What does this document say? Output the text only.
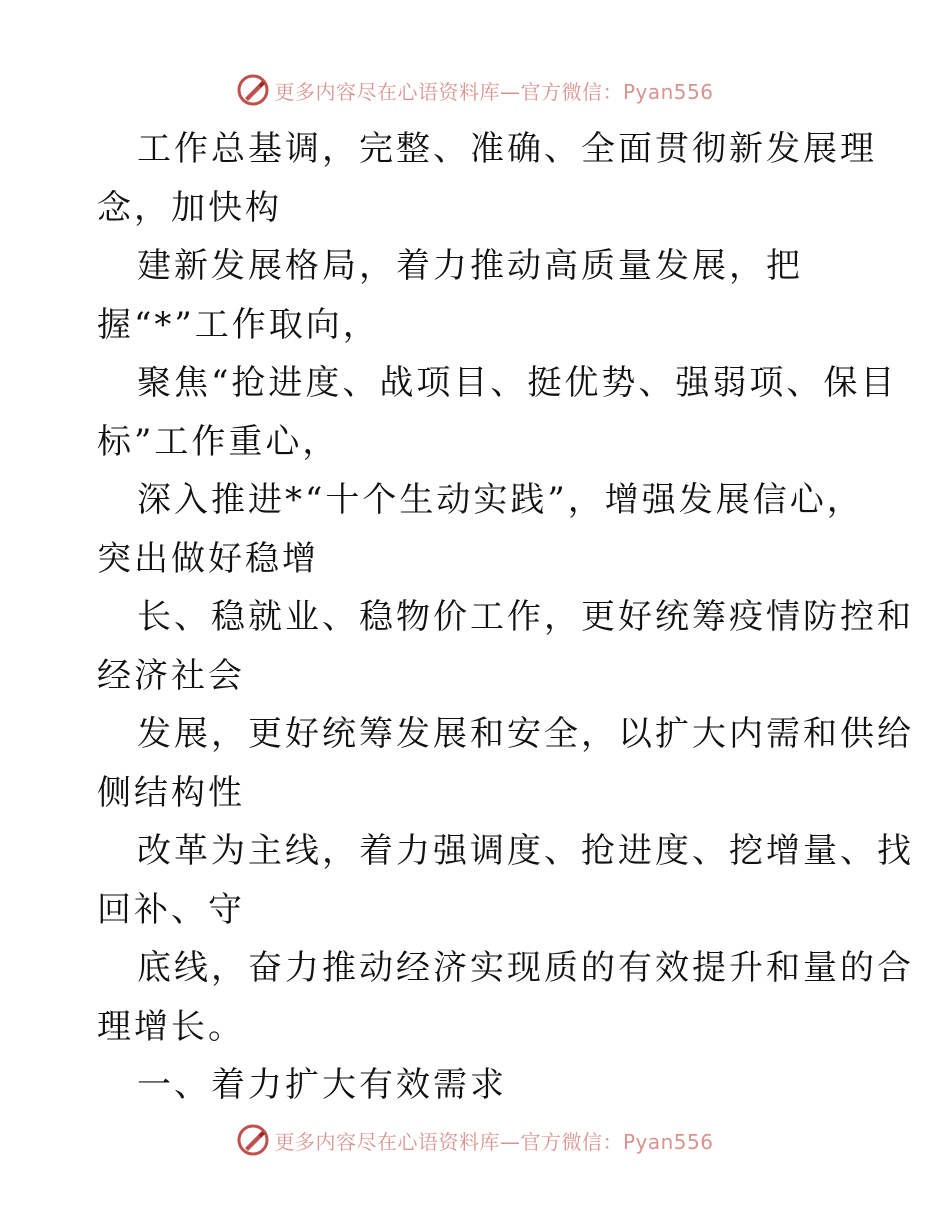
更多内容尽在心语资料库—官方微信：Pyan556
工作总基调，完整、准确、全面贯彻新发展理
念，加快构
建新发展格局，着力推动高质量发展，把
握“*”工作取向，
聚焦“抢进度、战项目、挺优势、强弱项、保目
标”工作重心，
深入推进*“十个生动实践”，增强发展信心，
突出做好稳增
长、稳就业、稳物价工作，更好统筹疫情防控和
经济社会
发展，更好统筹发展和安全，以扩大内需和供给
侧结构性
改革为主线，着力强调度、抢进度、挖增量、找
回补、守
底线，奋力推动经济实现质的有效提升和量的合
理增长。
一、着力扩大有效需求
更多内容尽在心语资料库—官方微信：Pyan556
